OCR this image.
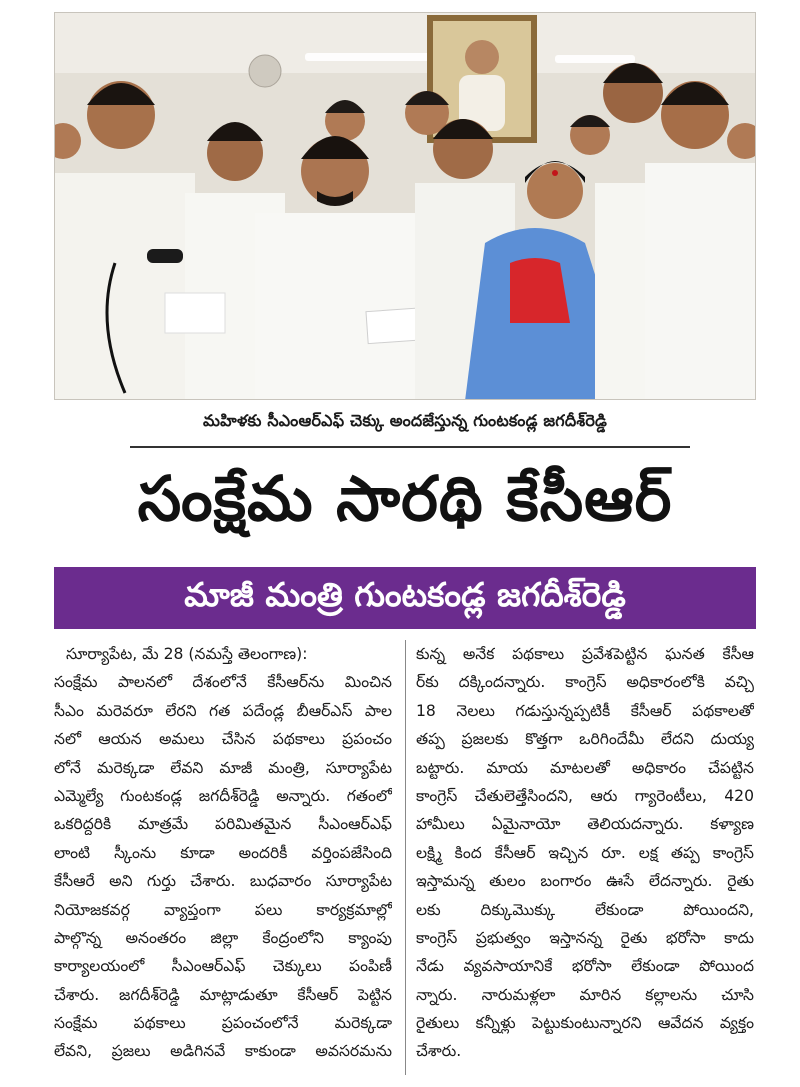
మహిళకు సీఎంఆర్ఎఫ్ చెక్కు అందజేస్తున్న గుంటకండ్ల జగదీశ్‌రెడ్డి
సంక్షేమ సారథి కేసీఆర్
మాజీ మంత్రి గుంటకండ్ల జగదీశ్‌రెడ్డి
సూర్యాపేట, మే 28 (నమస్తే తెలంగాణ):
సంక్షేమ పాలనలో దేశంలోనే కేసీఆర్‌ను మించిన
సీఎం మరెవరూ లేరని గత పదేండ్ల బీఆర్ఎస్ పాల
నలో ఆయన అమలు చేసిన పథకాలు ప్రపంచం
లోనే మరెక్కడా లేవని మాజీ మంత్రి, సూర్యాపేట
ఎమ్మెల్యే గుంటకండ్ల జగదీశ్‌రెడ్డి అన్నారు. గతంలో
ఒకరిద్దరికి మాత్రమే పరిమితమైన సీఎంఆర్ఎఫ్
లాంటి స్కీంను కూడా అందరికీ వర్తింపజేసింది
కేసీఆరే అని గుర్తు చేశారు. బుధవారం సూర్యాపేట
నియోజకవర్గ వ్యాప్తంగా పలు కార్యక్రమాల్లో
పాల్గొన్న అనంతరం జిల్లా కేంద్రంలోని క్యాంపు
కార్యాలయంలో సీఎంఆర్ఎఫ్ చెక్కులు పంపిణీ
చేశారు. జగదీశ్‌రెడ్డి మాట్లాడుతూ కేసీఆర్ పెట్టిన
సంక్షేమ పథకాలు ప్రపంచంలోనే మరెక్కడా
లేవని, ప్రజలు అడిగినవే కాకుండా అవసరమను
కున్న అనేక పథకాలు ప్రవేశపెట్టిన ఘనత కేసీఆ
ర్‌కు దక్కిందన్నారు. కాంగ్రెస్ అధికారంలోకి వచ్చి
18 నెలలు గడుస్తున్నప్పటికీ కేసీఆర్ పథకాలతో
తప్ప ప్రజలకు కొత్తగా ఒరిగిందేమీ లేదని దుయ్య
బట్టారు. మాయ మాటలతో అధికారం చేపట్టిన
కాంగ్రెస్ చేతులెత్తేసిందని, ఆరు గ్యారెంటీలు, 420
హామీలు ఏమైనాయో తెలియదన్నారు. కళ్యాణ
లక్ష్మి కింద కేసీఆర్ ఇచ్చిన రూ. లక్ష తప్ప కాంగ్రెస్
ఇస్తామన్న తులం బంగారం ఊసే లేదన్నారు. రైతు
లకు దిక్కుమొక్కు లేకుండా పోయిందని,
కాంగ్రెస్ ప్రభుత్వం ఇస్తానన్న రైతు భరోసా కాదు
నేడు వ్యవసాయానికే భరోసా లేకుండా పోయింద
న్నారు. నారుమళ్లలా మారిన కల్లాలను చూసి
రైతులు కన్నీళ్లు పెట్టుకుంటున్నారని ఆవేదన వ్యక్తం
చేశారు.
